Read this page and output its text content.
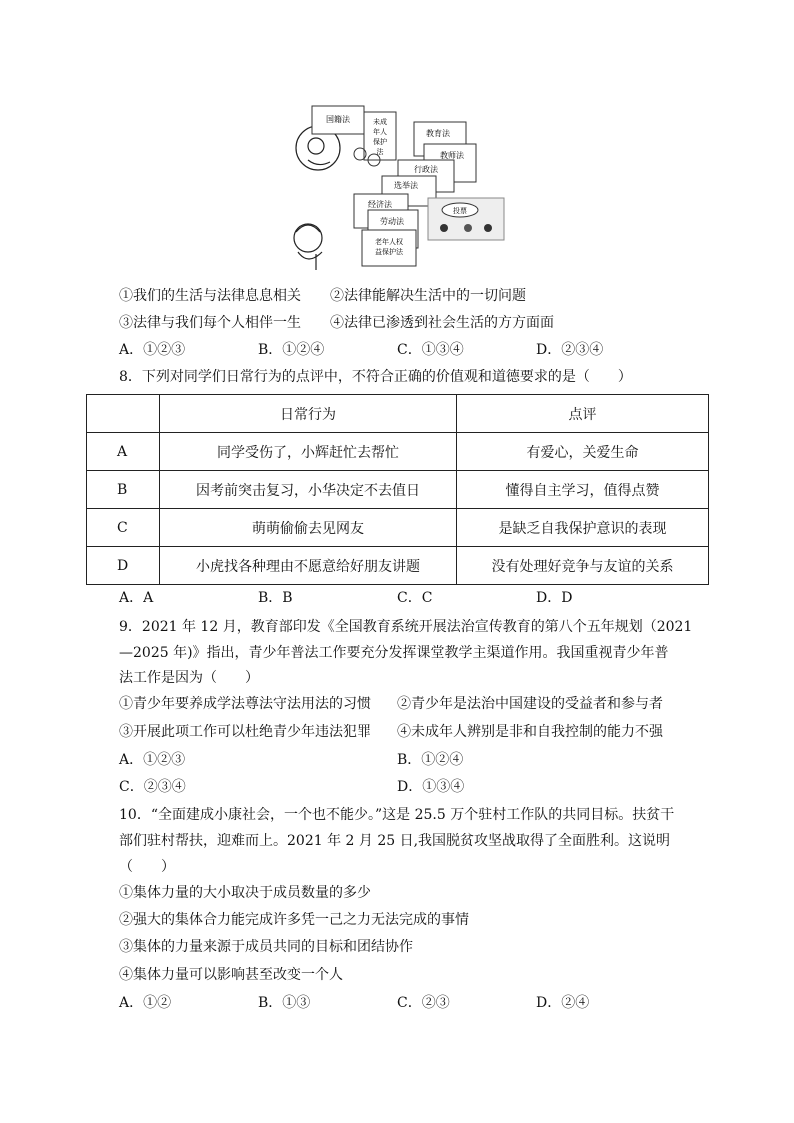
国籍法	未成
年人
保护
法
教育法
教师法
行政法
选举法
经济法
劳动法
老年人权
益保护法
投票
①我们的生活与法律息息相关 ②法律能解决生活中的一切问题
③法律与我们每个人相伴一生 ④法律已渗透到社会生活的方方面面
A．①②③	B．①②④	C．①③④	D．②③④
8．下列对同学们日常行为的点评中，不符合正确的价值观和道德要求的是（　　）
	日常行为	点评
A	同学受伤了，小辉赶忙去帮忙	有爱心，关爱生命
B	因考前突击复习，小华决定不去值日	懂得自主学习，值得点赞
C	萌萌偷偷去见网友	是缺乏自我保护意识的表现
D	小虎找各种理由不愿意给好朋友讲题	没有处理好竞争与友谊的关系
A．A	B．B	C．C	D．D
9．2021 年 12 月，教育部印发《全国教育系统开展法治宣传教育的第八个五年规划（2021
—2025 年)》指出，青少年普法工作要充分发挥课堂教学主渠道作用。我国重视青少年普
法工作是因为（　　）
①青少年要养成学法尊法守法用法的习惯 ②青少年是法治中国建设的受益者和参与者
③开展此项工作可以杜绝青少年违法犯罪 ④未成年人辨别是非和自我控制的能力不强
A．①②③	B．①②④
C．②③④	D．①③④
10．“全面建成小康社会，一个也不能少。”这是 25.5 万个驻村工作队的共同目标。扶贫干
部们驻村帮扶，迎难而上。2021 年 2 月 25 日,我国脱贫攻坚战取得了全面胜利。这说明
（　　）
①集体力量的大小取决于成员数量的多少
②强大的集体合力能完成许多凭一己之力无法完成的事情
③集体的力量来源于成员共同的目标和团结协作
④集体力量可以影响甚至改变一个人
A．①②	B．①③	C．②③	D．②④
